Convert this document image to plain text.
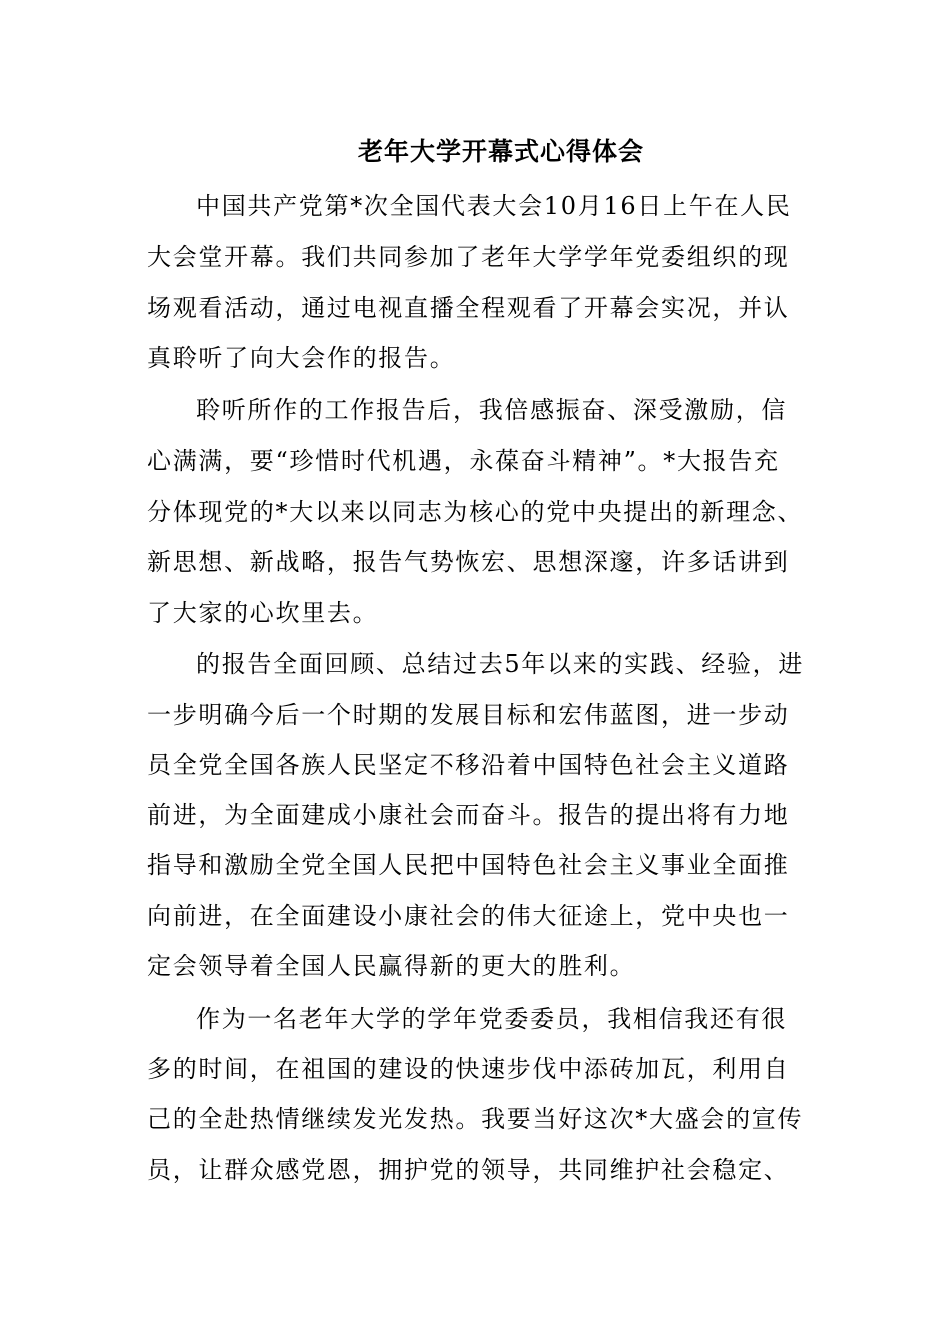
老年大学开幕式心得体会
中国共产党第*次全国代表大会10月16日上午在人民
大会堂开幕。我们共同参加了老年大学学年党委组织的现
场观看活动，通过电视直播全程观看了开幕会实况，并认
真聆听了向大会作的报告。
聆听所作的工作报告后，我倍感振奋、深受激励，信
心满满，要“珍惜时代机遇，永葆奋斗精神”。*大报告充
分体现党的*大以来以同志为核心的党中央提出的新理念、
新思想、新战略，报告气势恢宏、思想深邃，许多话讲到
了大家的心坎里去。
的报告全面回顾、总结过去5年以来的实践、经验，进
一步明确今后一个时期的发展目标和宏伟蓝图，进一步动
员全党全国各族人民坚定不移沿着中国特色社会主义道路
前进，为全面建成小康社会而奋斗。报告的提出将有力地
指导和激励全党全国人民把中国特色社会主义事业全面推
向前进，在全面建设小康社会的伟大征途上，党中央也一
定会领导着全国人民赢得新的更大的胜利。
作为一名老年大学的学年党委委员，我相信我还有很
多的时间，在祖国的建设的快速步伐中添砖加瓦，利用自
己的全赴热情继续发光发热。我要当好这次*大盛会的宣传
员，让群众感党恩，拥护党的领导，共同维护社会稳定、
